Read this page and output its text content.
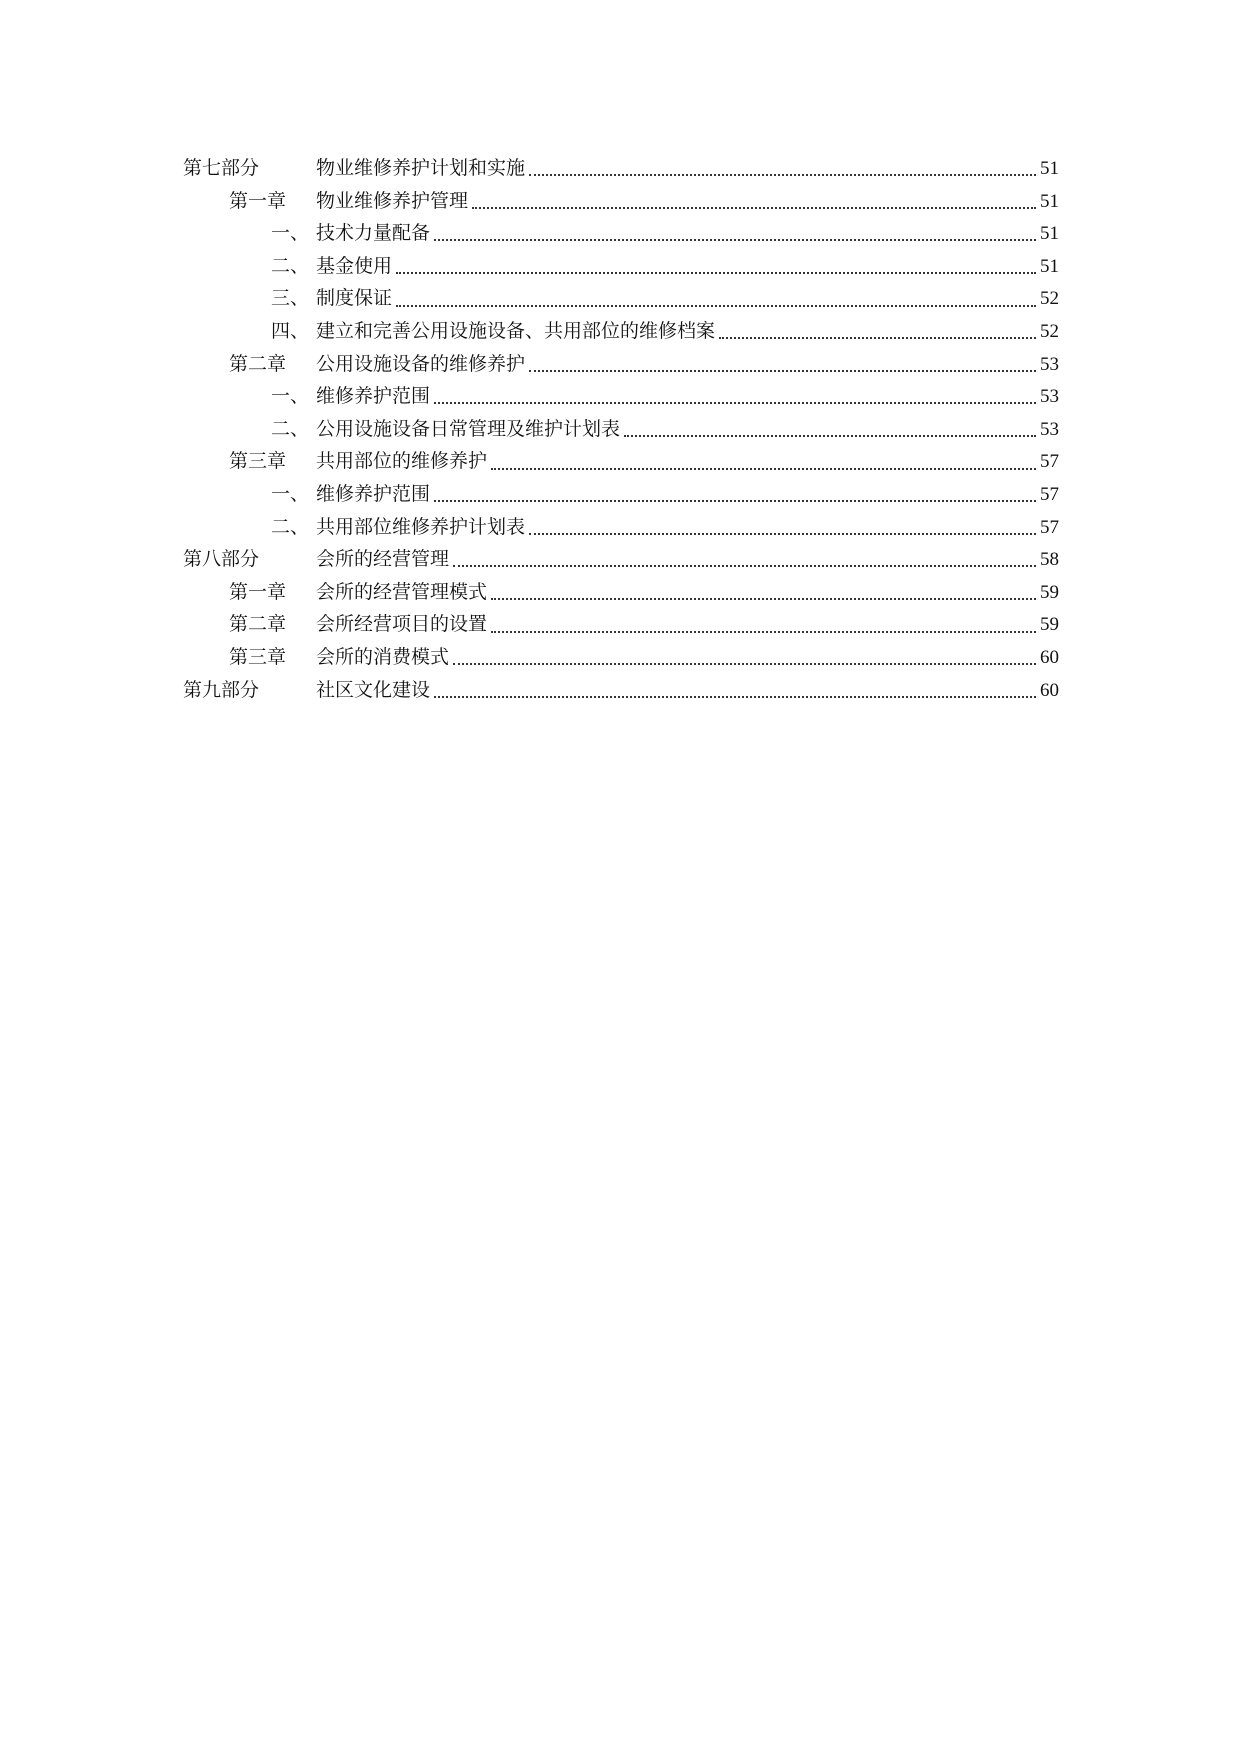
第七部分	物业维修养护计划和实施	51
第一章	物业维修养护管理	51
一、 技术力量配备	51
二、 基金使用	51
三、 制度保证	52
四、 建立和完善公用设施设备、共用部位的维修档案	52
第二章	公用设施设备的维修养护	53
一、 维修养护范围	53
二、 公用设施设备日常管理及维护计划表	53
第三章	共用部位的维修养护	57
一、 维修养护范围	57
二、 共用部位维修养护计划表	57
第八部分	会所的经营管理	58
第一章	会所的经营管理模式	59
第二章	会所经营项目的设置	59
第三章	会所的消费模式	60
第九部分	社区文化建设	60
